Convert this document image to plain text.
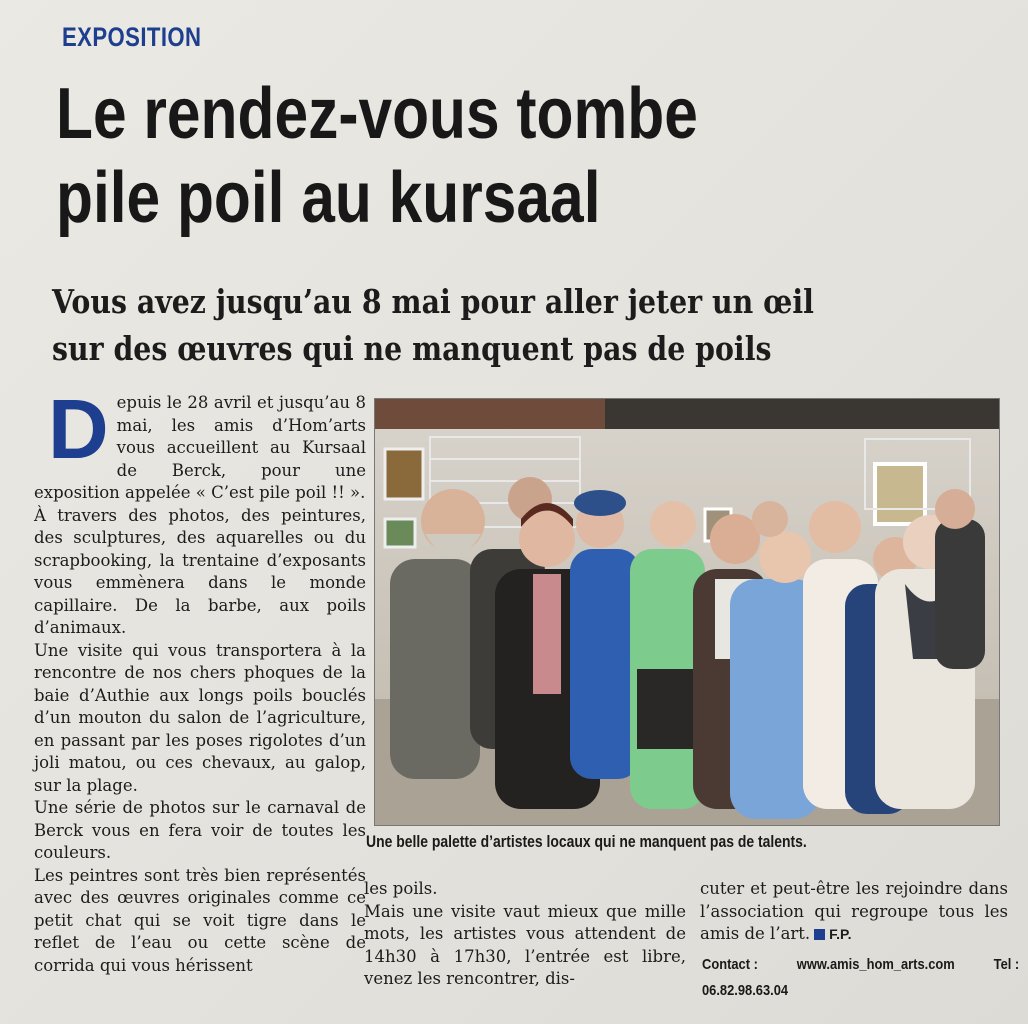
EXPOSITION
Le rendez-vous tombe
pile poil au kursaal
Vous avez jusqu’au 8 mai pour aller jeter un œil
sur des œuvres qui ne manquent pas de poils

Depuis le 28 avril et jusqu’au 8 mai, les amis d’Hom’arts vous accueillent au Kursaal de Berck, pour une exposition appelée « C’est pile poil !! ».

À travers des photos, des peintures, des sculptures, des aquarelles ou du scrapbooking, la trentaine d’exposants vous emmènera dans le monde capillaire. De la barbe, aux poils d’animaux.

Une visite qui vous transportera à la rencontre de nos chers phoques de la baie d’Authie aux longs poils bouclés d’un mouton du salon de l’agriculture, en passant par les poses rigolotes d’un joli matou, ou ces chevaux, au galop, sur la plage.

Une série de photos sur le carnaval de Berck vous en fera voir de toutes les couleurs.

Les peintres sont très bien représentés avec des œuvres originales comme ce petit chat qui se voit tigre dans le reflet de l’eau ou cette scène de corrida qui vous hérissent

Une belle palette d’artistes locaux qui ne manquent pas de talents.

les poils.

Mais une visite vaut mieux que mille mots, les artistes vous attendent de 14h30 à 17h30, l’entrée est libre, venez les rencontrer, dis-

cuter et peut-être les rejoindre dans l’association qui regroupe tous les amis de l’art. F.P.

Contact :	www.amis_hom_arts.com	Tel :
06.82.98.63.04
